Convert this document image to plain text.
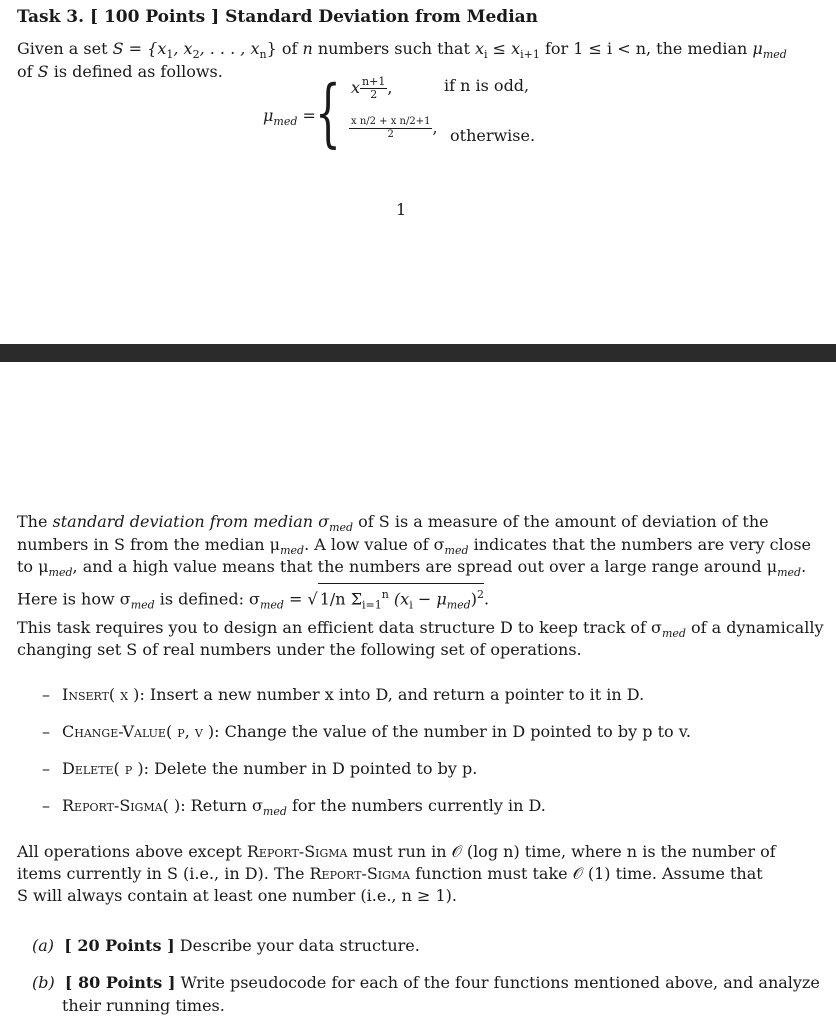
Task 3. [ 100 Points ] Standard Deviation from Median
Given a set $S = \{x_1$, $x_2$, . . . , $x_n$} of n numbers such that $x_i \le x_{i+1}$ for 1 ≤ i < n, the median $\mu_{med}$
of S is defined as follows.
$\mu_{med}$ = { x $\frac{n+1}{2}$ ,	if n is odd,
$\frac{\text{x n/2 + x n/2+1}}{2}$ , otherwise.
1
The standard deviation from median $\sigma_{med}$ of S is a measure of the amount of deviation of the
numbers in S from the median $\mu_{med}$. A low value of $\sigma_{med}$ indicates that the numbers are very close
to $\mu_{med}$, and a high value means that the numbers are spread out over a large range around $\mu_{med}$.
Here is how $\sigma_{med}$ is defined: $\sigma_{med}$ = √ 1/n $\Sigma_{i=1}^n$ $(x_i - \mu_{med})^2$.
This task requires you to design an efficient data structure D to keep track of $\sigma_{med}$ of a dynamically
changing set S of real numbers under the following set of operations.
– Insert( x ): Insert a new number x into D, and return a pointer to it in D.
– Change-Value( p, v ): Change the value of the number in D pointed to by p to v.
– Delete( p ): Delete the number in D pointed to by p.
– Report-Sigma( ): Return $\sigma_{med}$ for the numbers currently in D.
All operations above except Report-Sigma must run in 𝒪 (log n) time, where n is the number of
items currently in S (i.e., in D). The Report-Sigma function must take 𝒪 (1) time. Assume that
S will always contain at least one number (i.e., n ≥ 1).
(a) [ 20 Points ] Describe your data structure.
(b) [ 80 Points ] Write pseudocode for each of the four functions mentioned above, and analyze
their running times.
